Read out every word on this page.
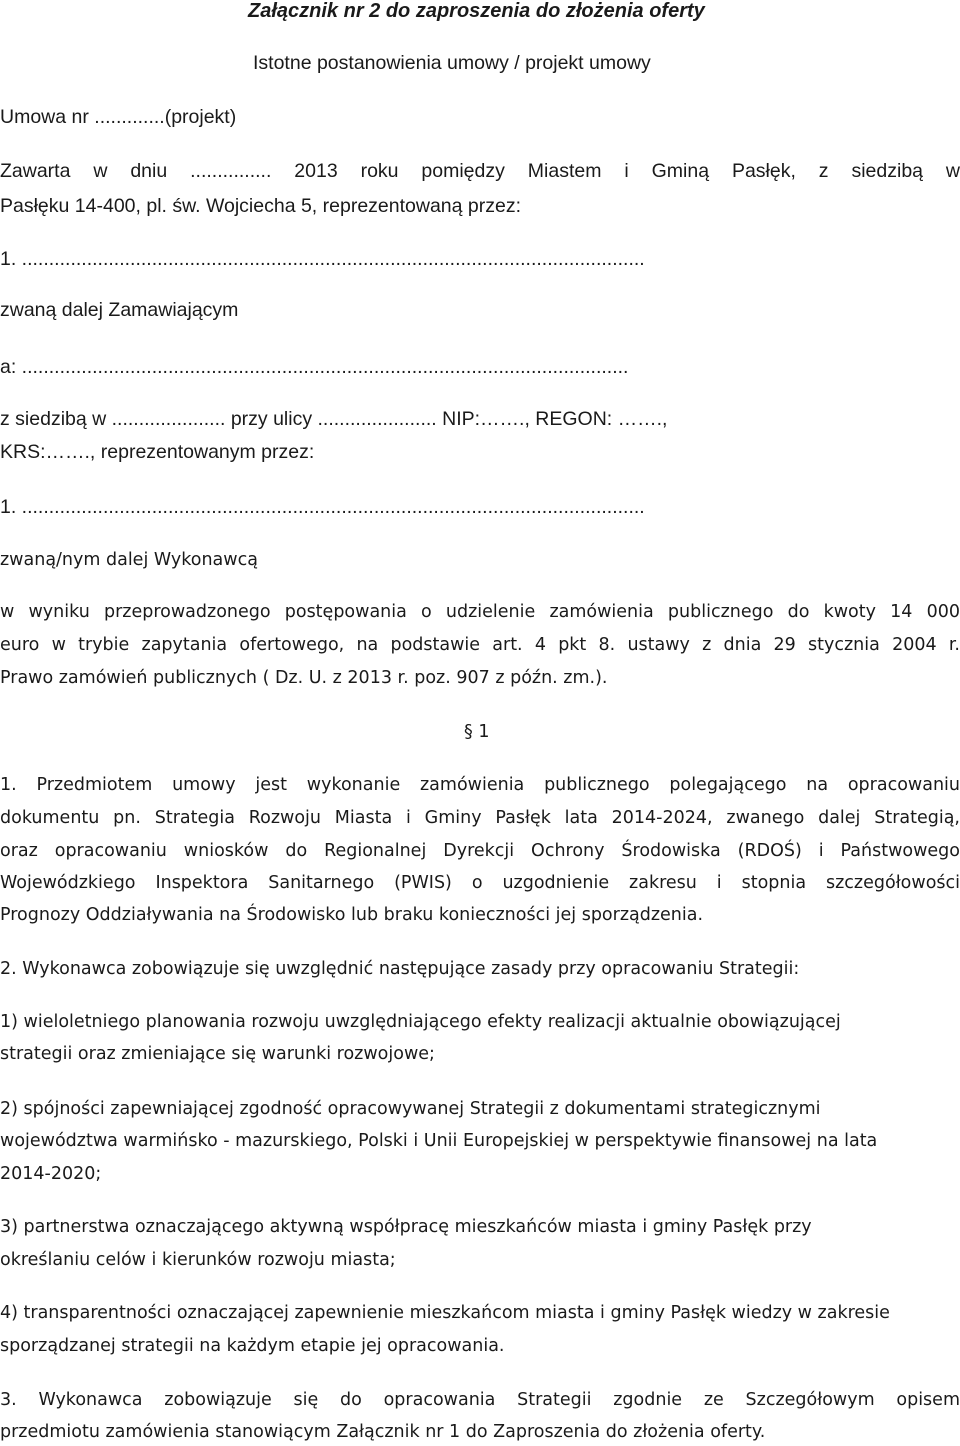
Załącznik nr 2 do zaproszenia do złożenia oferty
Istotne postanowienia umowy / projekt umowy
Umowa nr .............(projekt)
Zawarta w dniu ............... 2013 roku pomiędzy Miastem i Gminą Pasłęk, z siedzibą w
Pasłęku 14-400, pl. św. Wojciecha 5, reprezentowaną przez:
1. ...................................................................................................................
zwaną dalej Zamawiającym
a: ................................................................................................................
z siedzibą w ..................... przy ulicy ...................... NIP:……., REGON: …….,
KRS:……., reprezentowanym przez:
1. ...................................................................................................................
zwaną/nym dalej Wykonawcą
w wyniku przeprowadzonego postępowania o udzielenie zamówienia publicznego do kwoty 14 000
euro w trybie zapytania ofertowego, na podstawie art. 4 pkt 8. ustawy z dnia 29 stycznia 2004 r.
Prawo zamówień publicznych ( Dz. U. z 2013 r. poz. 907 z późn. zm.).
§ 1
1. Przedmiotem umowy jest wykonanie zamówienia publicznego polegającego na opracowaniu
dokumentu pn. Strategia Rozwoju Miasta i Gminy Pasłęk lata 2014-2024, zwanego dalej Strategią,
oraz opracowaniu wniosków do Regionalnej Dyrekcji Ochrony Środowiska (RDOŚ) i Państwowego
Wojewódzkiego Inspektora Sanitarnego (PWIS) o uzgodnienie zakresu i stopnia szczegółowości
Prognozy Oddziaływania na Środowisko lub braku konieczności jej sporządzenia.
2. Wykonawca zobowiązuje się uwzględnić następujące zasady przy opracowaniu Strategii:
1) wieloletniego planowania rozwoju uwzględniającego efekty realizacji aktualnie obowiązującej
strategii oraz zmieniające się warunki rozwojowe;
2) spójności zapewniającej zgodność opracowywanej Strategii z dokumentami strategicznymi
województwa warmińsko - mazurskiego, Polski i Unii Europejskiej w perspektywie finansowej na lata
2014-2020;
3) partnerstwa oznaczającego aktywną współpracę mieszkańców miasta i gminy Pasłęk przy
określaniu celów i kierunków rozwoju miasta;
4) transparentności oznaczającej zapewnienie mieszkańcom miasta i gminy Pasłęk wiedzy w zakresie
sporządzanej strategii na każdym etapie jej opracowania.
3. Wykonawca zobowiązuje się do opracowania Strategii zgodnie ze Szczegółowym opisem
przedmiotu zamówienia stanowiącym Załącznik nr 1 do Zaproszenia do złożenia oferty.
